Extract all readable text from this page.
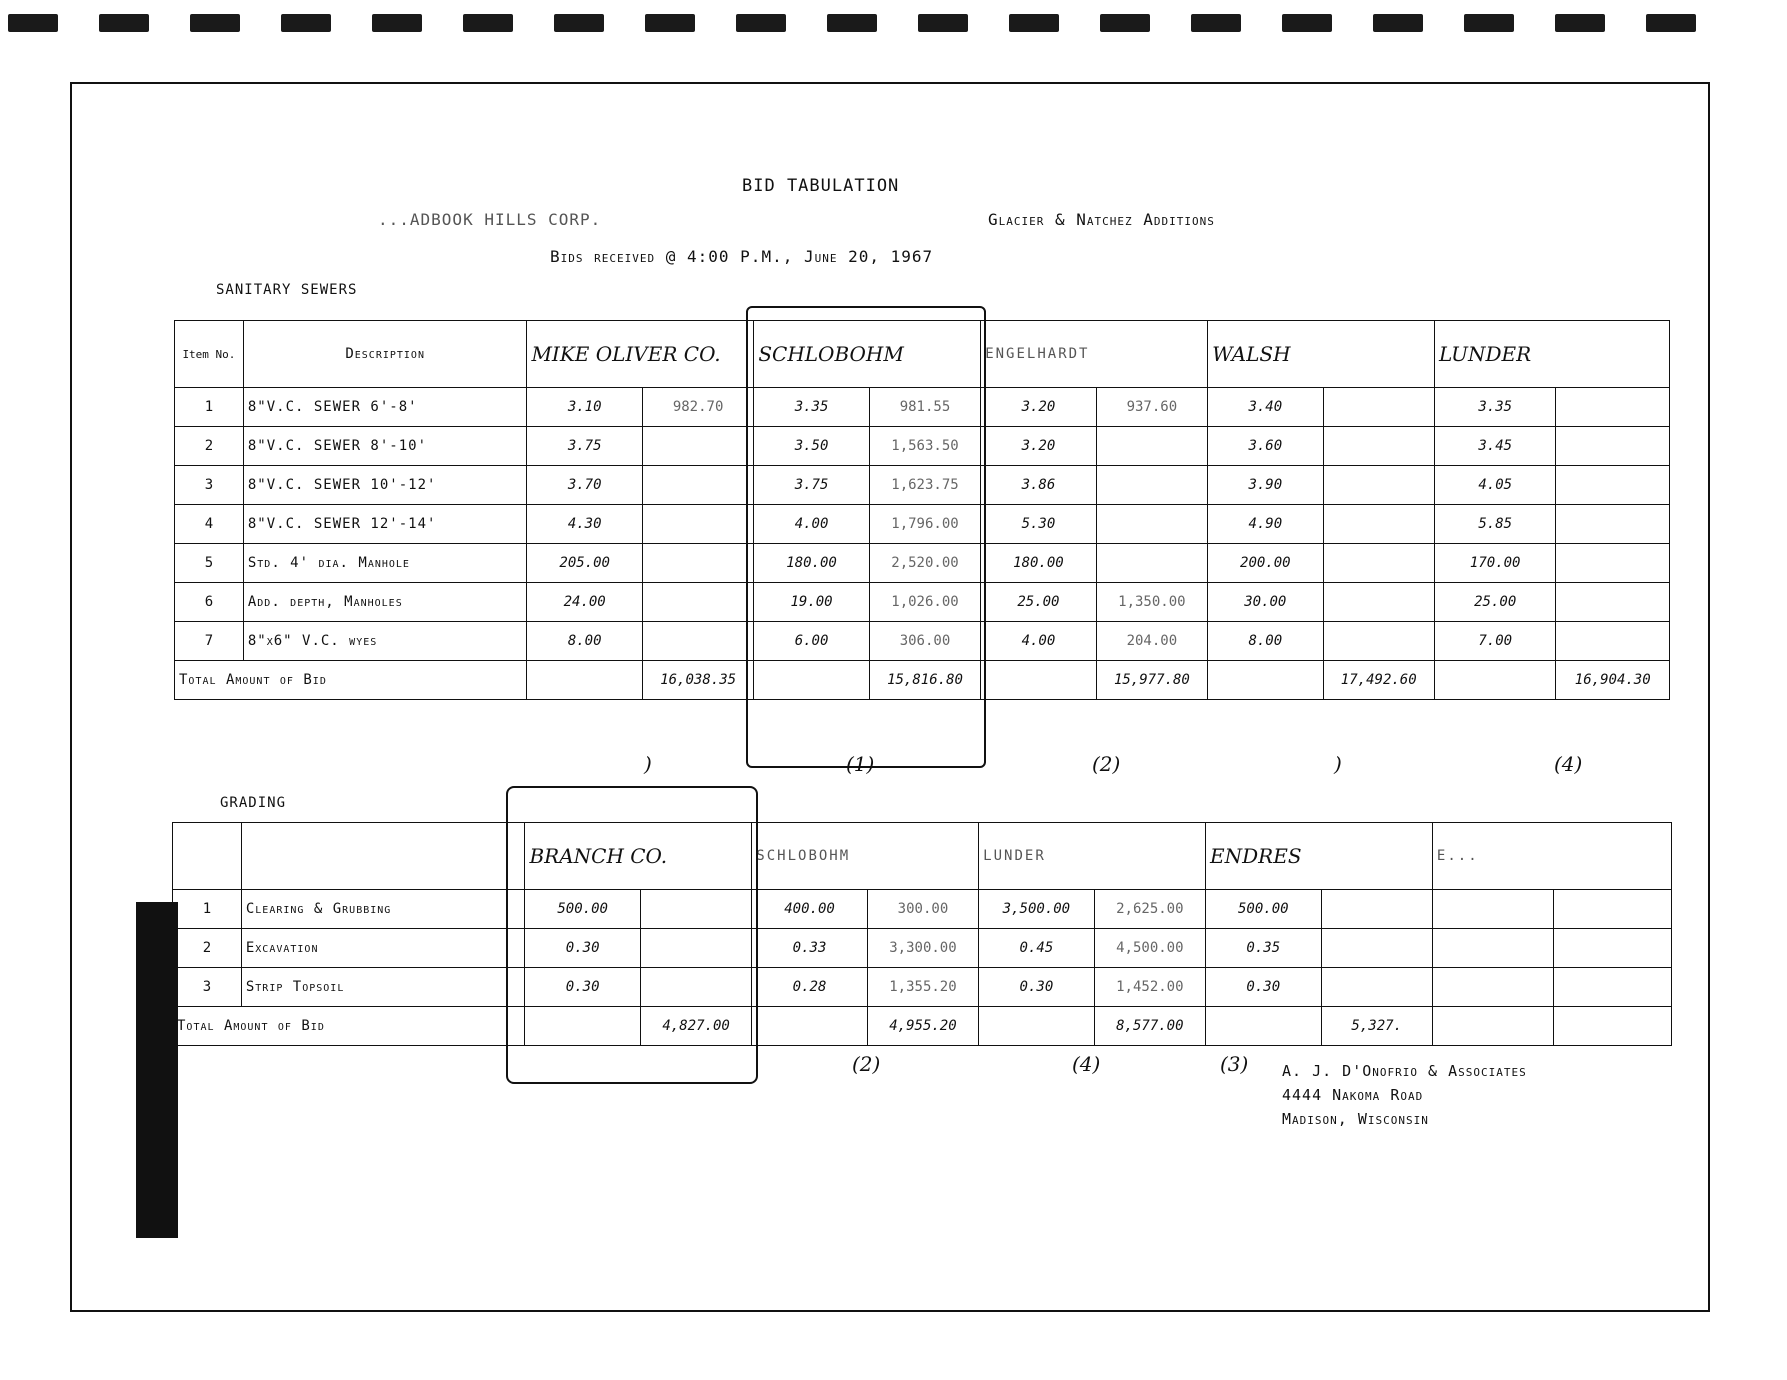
BID TABULATION
...ADBOOK HILLS CORP.	Glacier & Natchez Additions
Bids received @ 4:00 P.M., June 20, 1967
SANITARY SEWERS
Item No.	Description	MIKE OLIVER CO.		SCHLOBOHM		ENGELHARDT		WALSH		LUNDER	
1	8"V.C. SEWER 6'-8'	3.10	982.70	3.35	981.55	3.20	937.60	3.40		3.35	
2	8"V.C. SEWER 8'-10'	3.75		3.50	1,563.50	3.20		3.60		3.45	
3	8"V.C. SEWER 10'-12'	3.70		3.75	1,623.75	3.86		3.90		4.05	
4	8"V.C. SEWER 12'-14'	4.30		4.00	1,796.00	5.30		4.90		5.85	
5	Std. 4' dia. Manhole	205.00		180.00	2,520.00	180.00		200.00		170.00	
6	Add. depth, Manholes	24.00		19.00	1,026.00	25.00	1,350.00	30.00		25.00	
7	8"x6" V.C. wyes	8.00		6.00	306.00	4.00	204.00	8.00		7.00	
Total Amount of Bid			16,038.35		15,816.80		15,977.80		17,492.60		16,904.30
GRADING
		BRANCH CO.		SCHLOBOHM		LUNDER		ENDRES		E...	
1	Clearing & Grubbing	500.00		400.00	300.00	3,500.00	2,625.00	500.00			
2	Excavation	0.30		0.33	3,300.00	0.45	4,500.00	0.35			
3	Strip Topsoil	0.30		0.28	1,355.20	0.30	1,452.00	0.30			
Total Amount of Bid			4,827.00		4,955.20		8,577.00		5,327.		
)	(1)	(2)	)	(4)
(2)	(4)	(3) A. J. D'Onofrio & Associates
4444 Nakoma Road
Madison, Wisconsin
